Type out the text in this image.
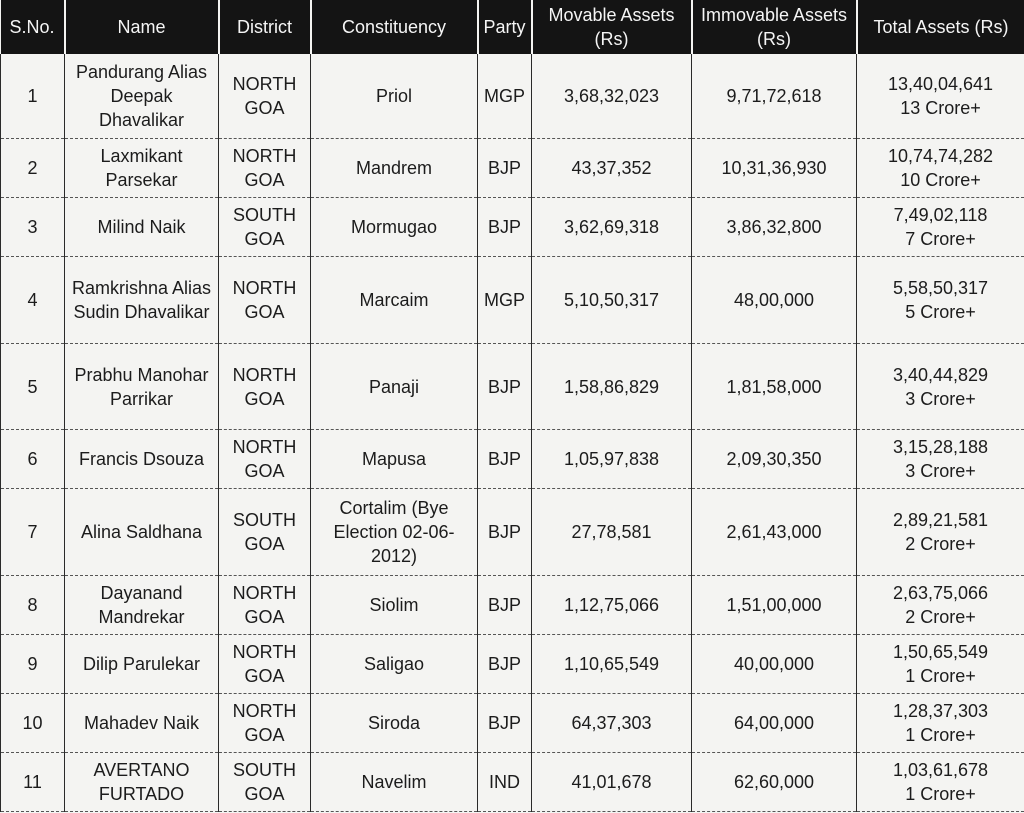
S.No.	Name	District	Constituency	Party	Movable Assets (Rs)	Immovable Assets (Rs)	Total Assets (Rs)
1	Pandurang Alias Deepak Dhavalikar	NORTH GOA	Priol	MGP	3,68,32,023	9,71,72,618	13,40,04,641
13 Crore+

2	Laxmikant Parsekar	NORTH GOA	Mandrem	BJP	43,37,352	10,31,36,930	10,74,74,282
10 Crore+

3	Milind Naik	SOUTH GOA	Mormugao	BJP	3,62,69,318	3,86,32,800	7,49,02,118
7 Crore+

4	Ramkrishna Alias Sudin Dhavalikar	NORTH GOA	Marcaim	MGP	5,10,50,317	48,00,000	5,58,50,317
5 Crore+

5	Prabhu Manohar Parrikar	NORTH GOA	Panaji	BJP	1,58,86,829	1,81,58,000	3,40,44,829
3 Crore+

6	Francis Dsouza	NORTH GOA	Mapusa	BJP	1,05,97,838	2,09,30,350	3,15,28,188
3 Crore+

7	Alina Saldhana	SOUTH GOA	Cortalim (Bye Election 02-06-2012)	BJP	27,78,581	2,61,43,000	2,89,21,581
2 Crore+

8	Dayanand Mandrekar	NORTH GOA	Siolim	BJP	1,12,75,066	1,51,00,000	2,63,75,066
2 Crore+

9	Dilip Parulekar	NORTH GOA	Saligao	BJP	1,10,65,549	40,00,000	1,50,65,549
1 Crore+

10	Mahadev Naik	NORTH GOA	Siroda	BJP	64,37,303	64,00,000	1,28,37,303
1 Crore+

11	AVERTANO FURTADO	SOUTH GOA	Navelim	IND	41,01,678	62,60,000	1,03,61,678
1 Crore+
